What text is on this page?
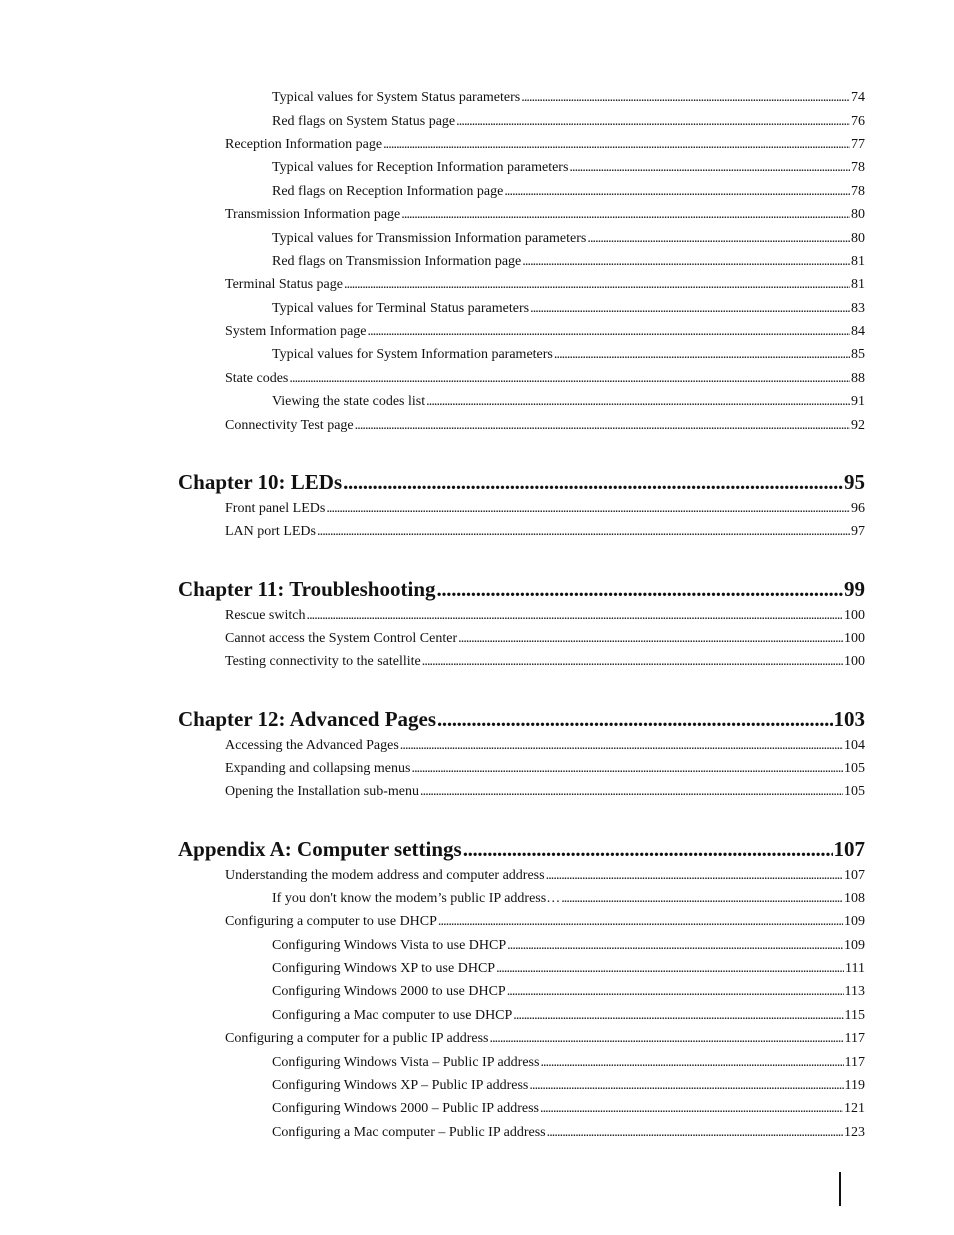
Typical values for System Status parameters . . .	74
Red flags on System Status page . . .	76
Reception Information page . . .	77
Typical values for Reception Information parameters . . .	78
Red flags on Reception Information page . . .	78
Transmission Information page . . .	80
Typical values for Transmission Information parameters . . .	80
Red flags on Transmission Information page . . .	81
Terminal Status page . . .	81
Typical values for Terminal Status parameters . . .	83
System Information page . . .	84
Typical values for System Information parameters . . .	85
State codes . . .	88
Viewing the state codes list . . .	91
Connectivity Test page . . .	92
Chapter 10: LEDs . . .	95
Front panel LEDs . . .	96
LAN port LEDs . . .	97
Chapter 11: Troubleshooting . . .	99
Rescue switch . . .	100
Cannot access the System Control Center . . .	100
Testing connectivity to the satellite . . .	100
Chapter 12: Advanced Pages . . .	103
Accessing the Advanced Pages . . .	104
Expanding and collapsing menus . . .	105
Opening the Installation sub-menu . . .	105
Appendix A: Computer settings . . .	107
Understanding the modem address and computer address . . .	107
If you don't know the modem’s public IP address… . . .	108
Configuring a computer to use DHCP . . .	109
Configuring Windows Vista to use DHCP . . .	109
Configuring Windows XP to use DHCP . . .	111
Configuring Windows 2000 to use DHCP . . .	113
Configuring a Mac computer to use DHCP . . .	115
Configuring a computer for a public IP address . . .	117
Configuring Windows Vista – Public IP address . . .	117
Configuring Windows XP – Public IP address . . .	119
Configuring Windows 2000 – Public IP address . . .	121
Configuring a Mac computer – Public IP address . . .	123
